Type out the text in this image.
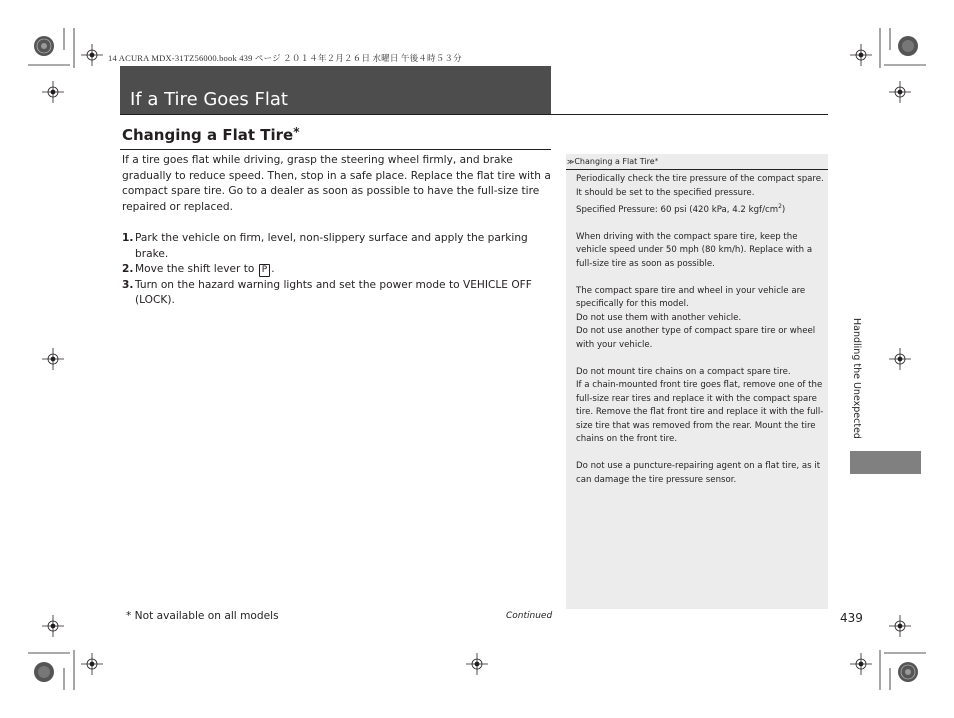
14 ACURA MDX-31TZ56000.book 439 ページ ２０１４年２月２６日 水曜日 午後４時５３分
If a Tire Goes Flat
Changing a Flat Tire*

If a tire goes flat while driving, grasp the steering wheel firmly, and brake gradually to reduce speed. Then, stop in a safe place. Replace the flat tire with a compact spare tire. Go to a dealer as soon as possible to have the full-size tire repaired or replaced.

1. Park the vehicle on firm, level, non-slippery surface and apply the parking brake.
2. Move the shift lever to P .
3. Turn on the hazard warning lights and set the power mode to VEHICLE OFF (LOCK).
≫Changing a Flat Tire*

Periodically check the tire pressure of the compact spare. It should be set to the specified pressure.
Specified Pressure: 60 psi (420 kPa, 4.2 kgf/$cm^2$)

When driving with the compact spare tire, keep the vehicle speed under 50 mph (80 km/h). Replace with a full-size tire as soon as possible.

The compact spare tire and wheel in your vehicle are specifically for this model.
Do not use them with another vehicle.
Do not use another type of compact spare tire or wheel with your vehicle.

Do not mount tire chains on a compact spare tire.
If a chain-mounted front tire goes flat, remove one of the full-size rear tires and replace it with the compact spare tire. Remove the flat front tire and replace it with the full-size tire that was removed from the rear. Mount the tire chains on the front tire.

Do not use a puncture-repairing agent on a flat tire, as it can damage the tire pressure sensor.

Handling the Unexpected
* Not available on all models	Continued	439
